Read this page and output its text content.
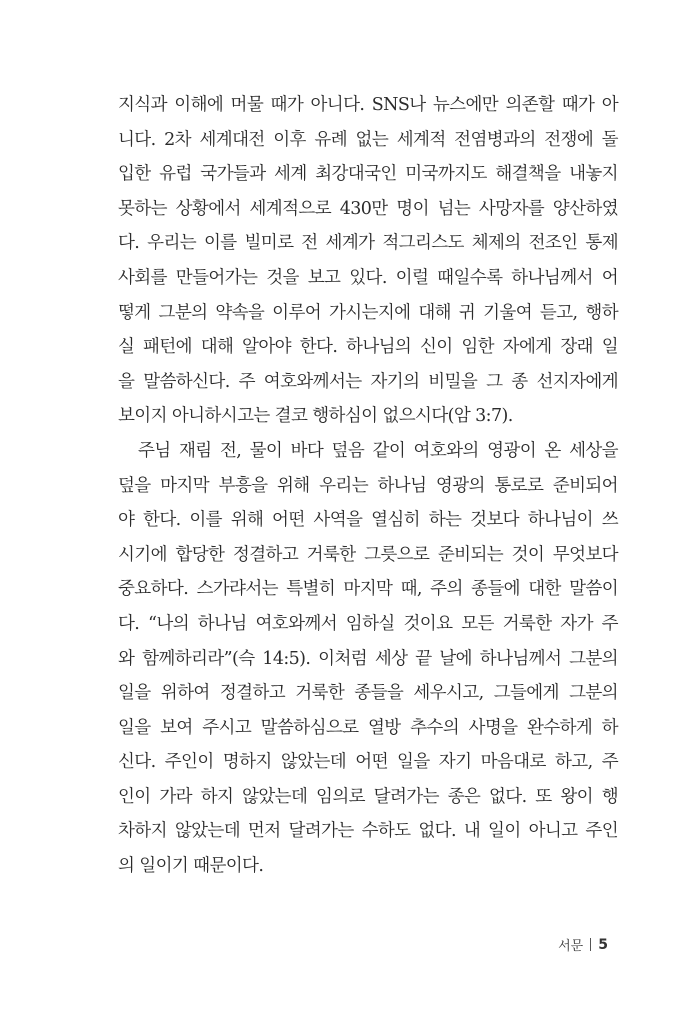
지식과 이해에 머물 때가 아니다. SNS나 뉴스에만 의존할 때가 아
니다. 2차 세계대전 이후 유례 없는 세계적 전염병과의 전쟁에 돌
입한 유럽 국가들과 세계 최강대국인 미국까지도 해결책을 내놓지
못하는 상황에서 세계적으로 430만 명이 넘는 사망자를 양산하였
다. 우리는 이를 빌미로 전 세계가 적그리스도 체제의 전조인 통제
사회를 만들어가는 것을 보고 있다. 이럴 때일수록 하나님께서 어
떻게 그분의 약속을 이루어 가시는지에 대해 귀 기울여 듣고, 행하
실 패턴에 대해 알아야 한다. 하나님의 신이 임한 자에게 장래 일
을 말씀하신다. 주 여호와께서는 자기의 비밀을 그 종 선지자에게
보이지 아니하시고는 결코 행하심이 없으시다(암 3:7).
주님 재림 전, 물이 바다 덮음 같이 여호와의 영광이 온 세상을
덮을 마지막 부흥을 위해 우리는 하나님 영광의 통로로 준비되어
야 한다. 이를 위해 어떤 사역을 열심히 하는 것보다 하나님이 쓰
시기에 합당한 정결하고 거룩한 그릇으로 준비되는 것이 무엇보다
중요하다. 스가랴서는 특별히 마지막 때, 주의 종들에 대한 말씀이
다. “나의 하나님 여호와께서 임하실 것이요 모든 거룩한 자가 주
와 함께하리라”(슥 14:5). 이처럼 세상 끝 날에 하나님께서 그분의
일을 위하여 정결하고 거룩한 종들을 세우시고, 그들에게 그분의
일을 보여 주시고 말씀하심으로 열방 추수의 사명을 완수하게 하
신다. 주인이 명하지 않았는데 어떤 일을 자기 마음대로 하고, 주
인이 가라 하지 않았는데 임의로 달려가는 종은 없다. 또 왕이 행
차하지 않았는데 먼저 달려가는 수하도 없다. 내 일이 아니고 주인
의 일이기 때문이다.
서문 5
